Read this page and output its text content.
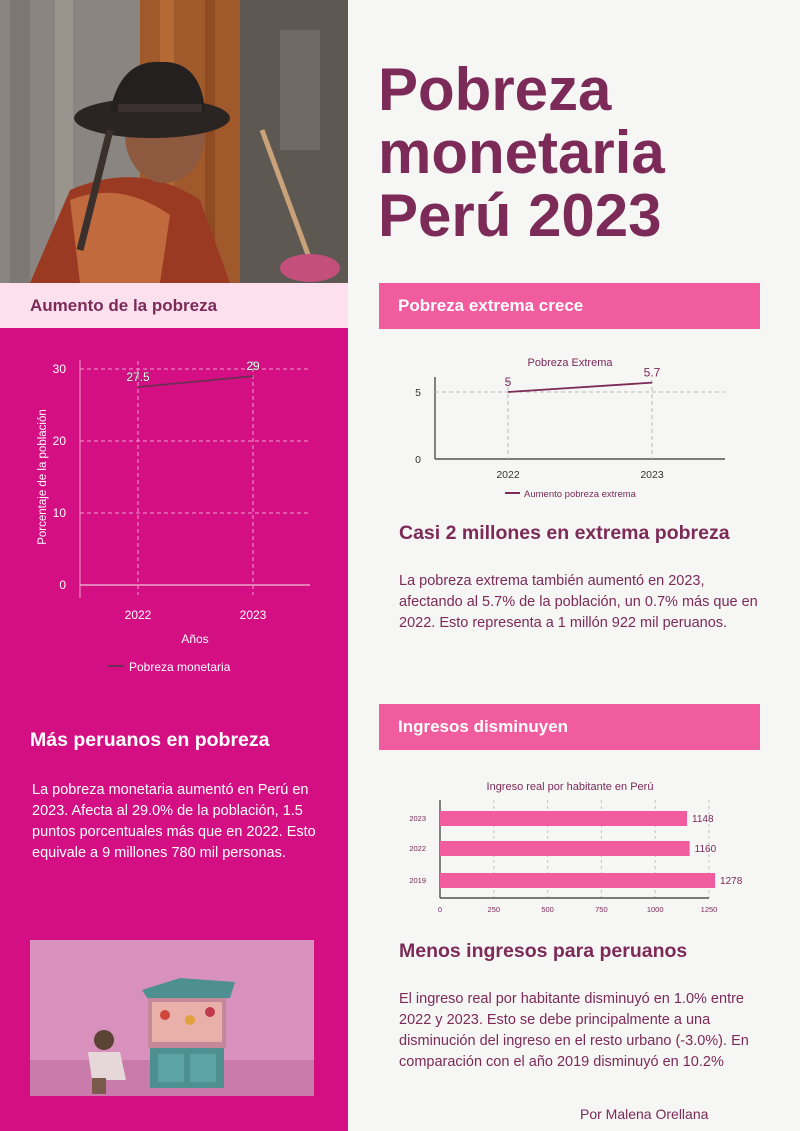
Aumento de la pobreza
0
10
20
30
2022	2023
27.5
29
Años
Porcentaje de la población
Pobreza monetaria
Más peruanos en pobreza
La pobreza monetaria aumentó en Perú en 2023. Afecta al 29.0% de la población, 1.5 puntos porcentuales más que en 2022. Esto equivale a 9 millones 780 mil personas.
Pobreza
monetaria
Perú 2023
Pobreza extrema crece
Pobreza Extrema
0
5
2022	2023
5
5.7
Aumento pobreza extrema
Casi 2 millones en extrema pobreza
La pobreza extrema también aumentó en 2023, afectando al 5.7% de la población, un 0.7% más que en 2022. Esto representa a 1 millón 922 mil peruanos.
Ingresos disminuyen
Ingreso real por habitante en Perú
0	250	500	750	1000	1250
2023	1148
2022	1160
2019	1278
Menos ingresos para peruanos
El ingreso real por habitante disminuyó en 1.0% entre 2022 y 2023. Esto se debe principalmente a una disminución del ingreso en el resto urbano (-3.0%). En comparación con el año 2019 disminuyó en 10.2%
Por Malena Orellana
